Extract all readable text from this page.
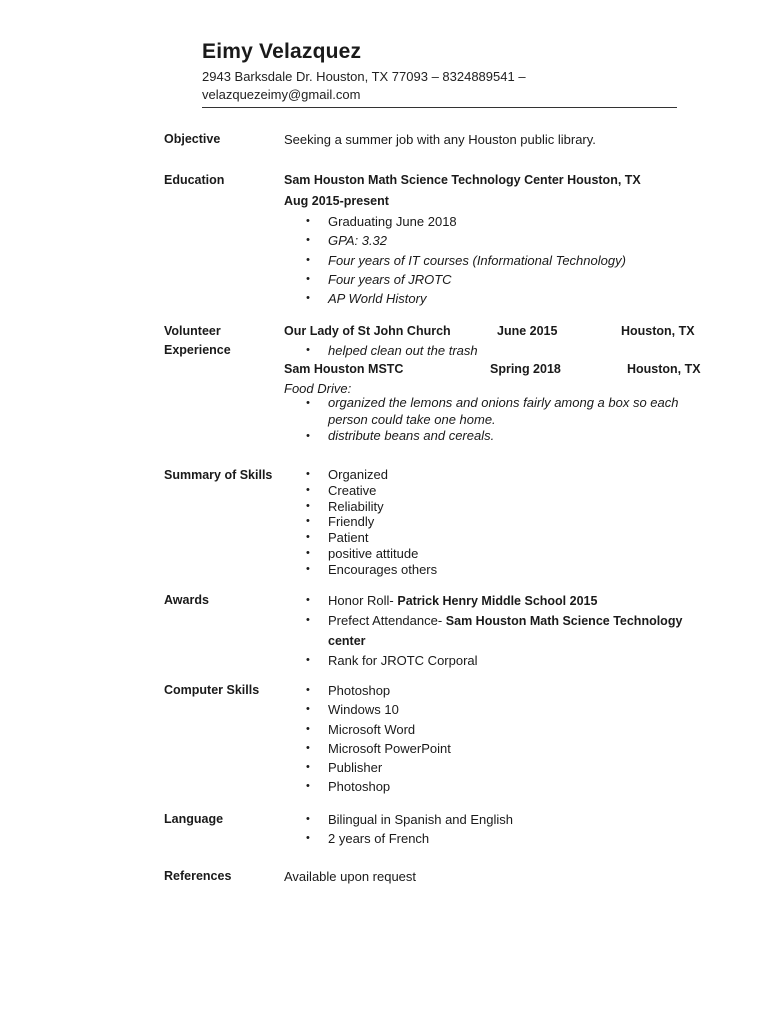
Eimy Velazquez
2943 Barksdale Dr. Houston, TX 77093 – 8324889541 –
velazquezeimy@gmail.com
Objective	Seeking a summer job with any Houston public library.
Education	Sam Houston Math Science Technology Center Houston, TX
Aug 2015-present
• Graduating June 2018
• GPA: 3.32
• Four years of IT courses (Informational Technology)
• Four years of JROTC
• AP World History
Volunteer
Experience
Our Lady of St John Church	June 2015	Houston, TX
• helped clean out the trash
Sam Houston MSTC	Spring 2018	Houston, TX
Food Drive:
• organized the lemons and onions fairly among a box so each person could take one home.
• distribute beans and cereals.
Summary of Skills	• Organized
• Creative
• Reliability
• Friendly
• Patient
• positive attitude
• Encourages others
Awards	• Honor Roll- Patrick Henry Middle School 2015
• Prefect Attendance- Sam Houston Math Science Technology center
• Rank for JROTC Corporal
Computer Skills	• Photoshop
• Windows 10
• Microsoft Word
• Microsoft PowerPoint
• Publisher
• Photoshop
Language	• Bilingual in Spanish and English
• 2 years of French
References	Available upon request
